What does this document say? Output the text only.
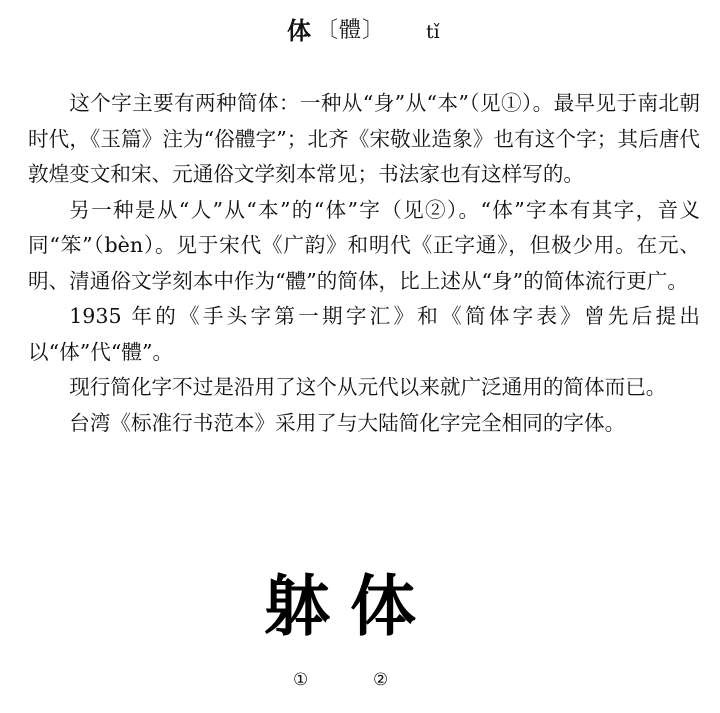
体 〔體〕 tǐ

这个字主要有两种简体：一种从“身”从“本”（见①）。最早见于南北朝时代，《玉篇》注为“俗體字”；北齐《宋敬业造象》也有这个字；其后唐代敦煌变文和宋、元通俗文学刻本常见；书法家也有这样写的。

另一种是从“人”从“本”的“体”字（见②）。“体”字本有其字，音义同“笨”（bèn）。见于宋代《广韵》和明代《正字通》，但极少用。在元、明、清通俗文学刻本中作为“體”的简体，比上述从“身”的简体流行更广。

1935 年的《手头字第一期字汇》和《简体字表》曾先后提出以“体”代“體”。

现行简化字不过是沿用了这个从元代以来就广泛通用的简体而已。

台湾《标准行书范本》采用了与大陆简化字完全相同的字体。

躰 体
①	②
